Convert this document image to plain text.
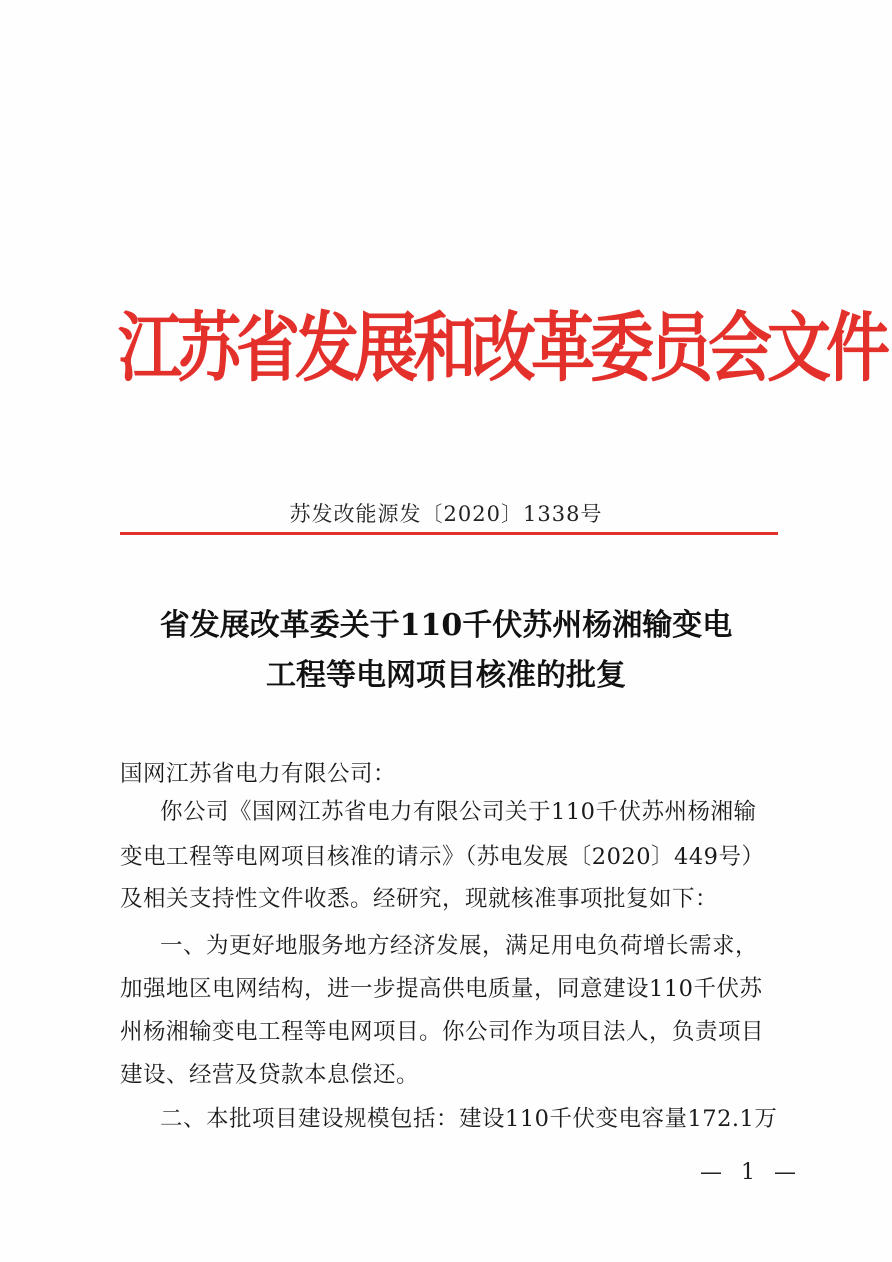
江苏省发展和改革委员会文件
苏发改能源发〔2020〕1338号
省发展改革委关于110千伏苏州杨湘输变电
工程等电网项目核准的批复
国网江苏省电力有限公司：
你公司《国网江苏省电力有限公司关于110千伏苏州杨湘输
变电工程等电网项目核准的请示》（苏电发展〔2020〕449号）
及相关支持性文件收悉。经研究，现就核准事项批复如下：
一、为更好地服务地方经济发展，满足用电负荷增长需求，
加强地区电网结构，进一步提高供电质量，同意建设110千伏苏
州杨湘输变电工程等电网项目。你公司作为项目法人，负责项目
建设、经营及贷款本息偿还。
二、本批项目建设规模包括：建设110千伏变电容量172.1万
— 1 —
